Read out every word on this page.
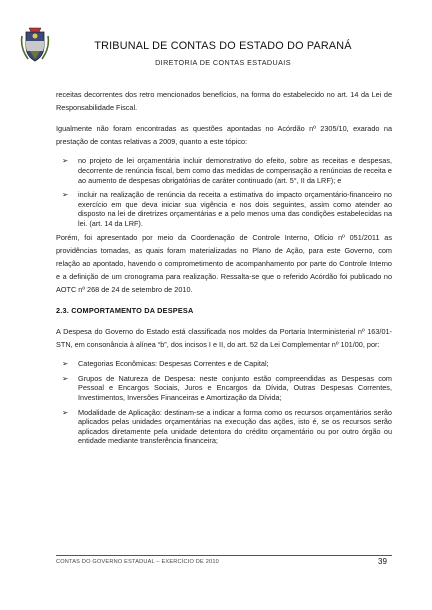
TRIBUNAL DE CONTAS DO ESTADO DO PARANÁ
DIRETORIA DE CONTAS ESTADUAIS

receitas decorrentes dos retro mencionados benefícios, na forma do estabelecido no art. 14 da Lei de Responsabilidade Fiscal.

Igualmente não foram encontradas as questões apontadas no Acórdão nº 2305/10, exarado na prestação de contas relativas a 2009, quanto a este tópico:

➢ no projeto de lei orçamentária incluir demonstrativo do efeito, sobre as receitas e despesas, decorrente de renúncia fiscal, bem como das medidas de compensação a renúncias de receita e ao aumento de despesas obrigatórias de caráter continuado (art. 5°, II da LRF); e
➢ incluir na realização de renúncia da receita a estimativa do impacto orçamentário-financeiro no exercício em que deva iniciar sua vigência e nos dois seguintes, assim como atender ao disposto na lei de diretrizes orçamentárias e a pelo menos uma das condições estabelecidas na lei. (art. 14 da LRF).

Porém, foi apresentado por meio da Coordenação de Controle Interno, Ofício nº 051/2011 as providências tomadas, as quais foram materializadas no Plano de Ação, para este Governo, com relação ao apontado, havendo o comprometimento de acompanhamento por parte do Controle Interno e a definição de um cronograma para realização. Ressalta-se que o referido Acórdão foi publicado no AOTC nº 268 de 24 de setembro de 2010.

2.3. COMPORTAMENTO DA DESPESA

A Despesa do Governo do Estado está classificada nos moldes da Portaria Interministerial nº 163/01-STN, em consonância à alínea “b”, dos incisos I e II, do art. 52 da Lei Complementar nº 101/00, por:

➢ Categorias Econômicas: Despesas Correntes e de Capital;
➢ Grupos de Natureza de Despesa: neste conjunto estão compreendidas as Despesas com Pessoal e Encargos Sociais, Juros e Encargos da Dívida, Outras Despesas Correntes, Investimentos, Inversões Financeiras e Amortização da Dívida;
➢ Modalidade de Aplicação: destinam-se a indicar a forma como os recursos orçamentários serão aplicados pelas unidades orçamentárias na execução das ações, isto é, se os recursos serão aplicados diretamente pela unidade detentora do crédito orçamentário ou por outro órgão ou entidade mediante transferência financeira;
CONTAS DO GOVERNO ESTADUAL – EXERCÍCIO DE 2010	39
